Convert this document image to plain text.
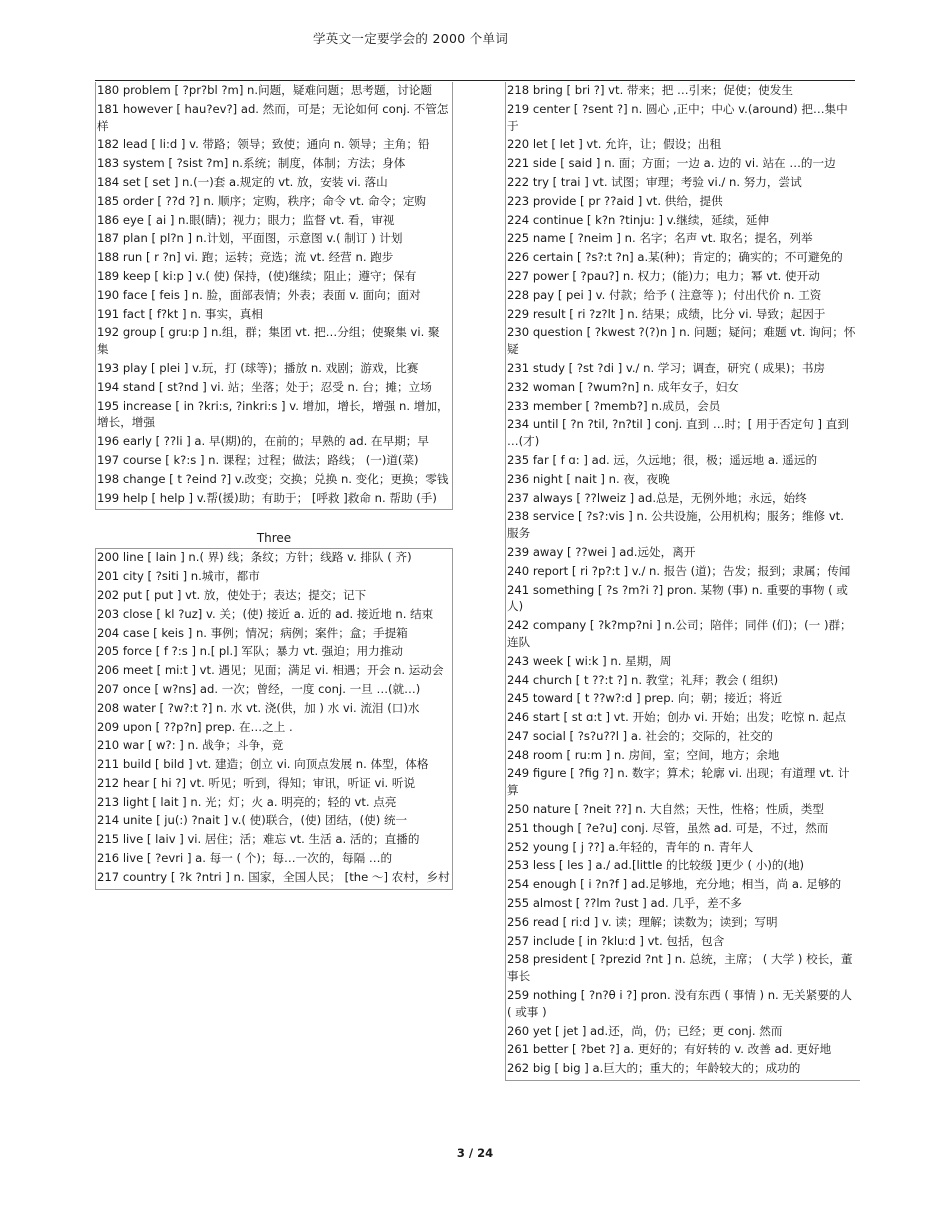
学英文一定要学会的 2000 个单词
180 problem [ ?pr?bl ?m] n.问题，疑难问题；思考题，讨论题
181 however [ hau?ev?] ad. 然而，可是；无论如何 conj. 不管怎样
182 lead [ li:d ] v. 带路；领导；致使；通向 n. 领导；主角；铅
183 system [ ?sist ?m] n.系统；制度，体制；方法；身体
184 set [ set ] n.(一)套 a.规定的 vt. 放，安装 vi. 落山
185 order [ ??d ?] n. 顺序；定购，秩序；命令 vt. 命令；定购
186 eye [ ai ] n.眼(睛)；视力；眼力；监督 vt. 看，审视
187 plan [ pl?n ] n.计划，平面图，示意图 v.( 制订 ) 计划
188 run [ r ?n] vi. 跑；运转；竞选；流 vt. 经营 n. 跑步
189 keep [ ki:p ] v.( 使) 保持，(使)继续；阻止；遵守；保有
190 face [ feis ] n. 脸，面部表情；外表；表面 v. 面向；面对
191 fact [ f?kt ] n. 事实，真相
192 group [ gru:p ] n.组，群；集团 vt. 把…分组；使聚集 vi. 聚集
193 play [ plei ] v.玩，打 (球等)；播放 n. 戏剧；游戏，比赛
194 stand [ st?nd ] vi. 站；坐落；处于；忍受 n. 台；摊；立场
195 increase [ in ?kri:s, ?inkri:s ] v. 增加，增长，增强 n. 增加，增长，增强
196 early [ ??li ] a. 早(期)的，在前的；早熟的 ad. 在早期；早
197 course [ k?:s ] n. 课程；过程；做法；路线； (一)道(菜)
198 change [ t ?eind ?] v.改变；交换；兑换 n. 变化；更换；零钱
199 help [ help ] v.帮(援)助；有助于； [呼救 ]救命 n. 帮助 (手)
Three
200 line [ lain ] n.( 界) 线；条纹；方针；线路 v. 排队 ( 齐)
201 city [ ?siti ] n.城市，都市
202 put [ put ] vt. 放，使处于；表达；提交；记下
203 close [ kl ?uz] v. 关；(使) 接近 a. 近的 ad. 接近地 n. 结束
204 case [ keis ] n. 事例；情况；病例；案件；盒；手提箱
205 force [ f ?:s ] n.[ pl.] 军队；暴力 vt. 强迫；用力推动
206 meet [ mi:t ] vt. 遇见；见面；满足 vi. 相遇；开会 n. 运动会
207 once [ w?ns] ad. 一次；曾经，一度 conj. 一旦 …(就…)
208 water [ ?w?:t ?] n. 水 vt. 浇(供，加 ) 水 vi. 流泪 (口)水
209 upon [ ??p?n] prep. 在…之上 .
210 war [ w?: ] n. 战争；斗争，竞
211 build [ bild ] vt. 建造；创立 vi. 向顶点发展 n. 体型，体格
212 hear [ hi ?] vt. 听见；听到，得知；审讯，听证 vi. 听说
213 light [ lait ] n. 光；灯；火 a. 明亮的；轻的 vt. 点亮
214 unite [ ju(:) ?nait ] v.( 使)联合，(使) 团结，(使) 统一
215 live [ laiv ] vi. 居住；活；难忘 vt. 生活 a. 活的；直播的
216 live [ ?evri ] a. 每一 ( 个)；每…一次的，每隔 …的
217 country [ ?k ?ntri ] n. 国家，全国人民； [the ～] 农村，乡村
218 bring [ bri ?] vt. 带来；把 …引来；促使；使发生
219 center [ ?sent ?] n. 圆心 ,正中；中心 v.(around) 把…集中于
220 let [ let ] vt. 允许，让；假设；出租
221 side [ said ] n. 面；方面；一边 a. 边的 vi. 站在 …的一边
222 try [ trai ] vt. 试图；审理；考验 vi./ n. 努力，尝试
223 provide [ pr ??aid ] vt. 供给，提供
224 continue [ k?n ?tinju: ] v.继续，延续，延伸
225 name [ ?neim ] n. 名字；名声 vt. 取名；提名，列举
226 certain [ ?s?:t ?n] a.某(种)；肯定的；确实的；不可避免的
227 power [ ?pau?] n. 权力；(能)力；电力；幂 vt. 使开动
228 pay [ pei ] v. 付款；给予 ( 注意等 )；付出代价 n. 工资
229 result [ ri ?z?lt ] n. 结果；成绩，比分 vi. 导致；起因于
230 question [ ?kwest ?(?)n ] n. 问题；疑问；难题 vt. 询问；怀疑
231 study [ ?st ?di ] v./ n. 学习；调查，研究 ( 成果)；书房
232 woman [ ?wum?n] n. 成年女子，妇女
233 member [ ?memb?] n.成员，会员
234 until [ ?n ?til, ?n?til ] conj. 直到 …时；[ 用于否定句 ] 直到 …(才)
235 far [ f ɑ: ] ad. 远，久远地；很，极；遥远地 a. 遥远的
236 night [ nait ] n. 夜，夜晚
237 always [ ??lweiz ] ad.总是，无例外地；永远，始终
238 service [ ?s?:vis ] n. 公共设施，公用机构；服务；维修 vt. 服务
239 away [ ??wei ] ad.远处，离开
240 report [ ri ?p?:t ] v./ n. 报告 (道)；告发；报到；隶属；传闻
241 something [ ?s ?m?i ?] pron. 某物 (事) n. 重要的事物 ( 或人)
242 company [ ?k?mp?ni ] n.公司；陪伴；同伴 (们)；(一 )群；连队
243 week [ wi:k ] n. 星期，周
244 church [ t ??:t ?] n. 教堂；礼拜；教会 ( 组织)
245 toward [ t ??w?:d ] prep. 向；朝；接近；将近
246 start [ st ɑ:t ] vt. 开始；创办 vi. 开始；出发；吃惊 n. 起点
247 social [ ?s?u??l ] a. 社会的；交际的，社交的
248 room [ ru:m ] n. 房间，室；空间，地方；余地
249 figure [ ?fig ?] n. 数字；算术；轮廓 vi. 出现；有道理 vt. 计算
250 nature [ ?neit ??] n. 大自然；天性，性格；性质，类型
251 though [ ?e?u] conj. 尽管，虽然 ad. 可是，不过，然而
252 young [ j ??] a.年轻的，青年的 n. 青年人
253 less [ les ] a./ ad.[little 的比较级 ]更少 ( 小)的(地)
254 enough [ i ?n?f ] ad.足够地，充分地；相当，尚 a. 足够的
255 almost [ ??lm ?ust ] ad. 几乎，差不多
256 read [ ri:d ] v. 读；理解；读数为；读到；写明
257 include [ in ?klu:d ] vt. 包括，包含
258 president [ ?prezid ?nt ] n. 总统，主席； ( 大学 ) 校长，董事长
259 nothing [ ?n?θ i ?] pron. 没有东西 ( 事情 ) n. 无关紧要的人 ( 或事 )
260 yet [ jet ] ad.还，尚，仍；已经；更 conj. 然而
261 better [ ?bet ?] a. 更好的；有好转的 v. 改善 ad. 更好地
262 big [ big ] a.巨大的；重大的；年龄较大的；成功的
3 / 24
